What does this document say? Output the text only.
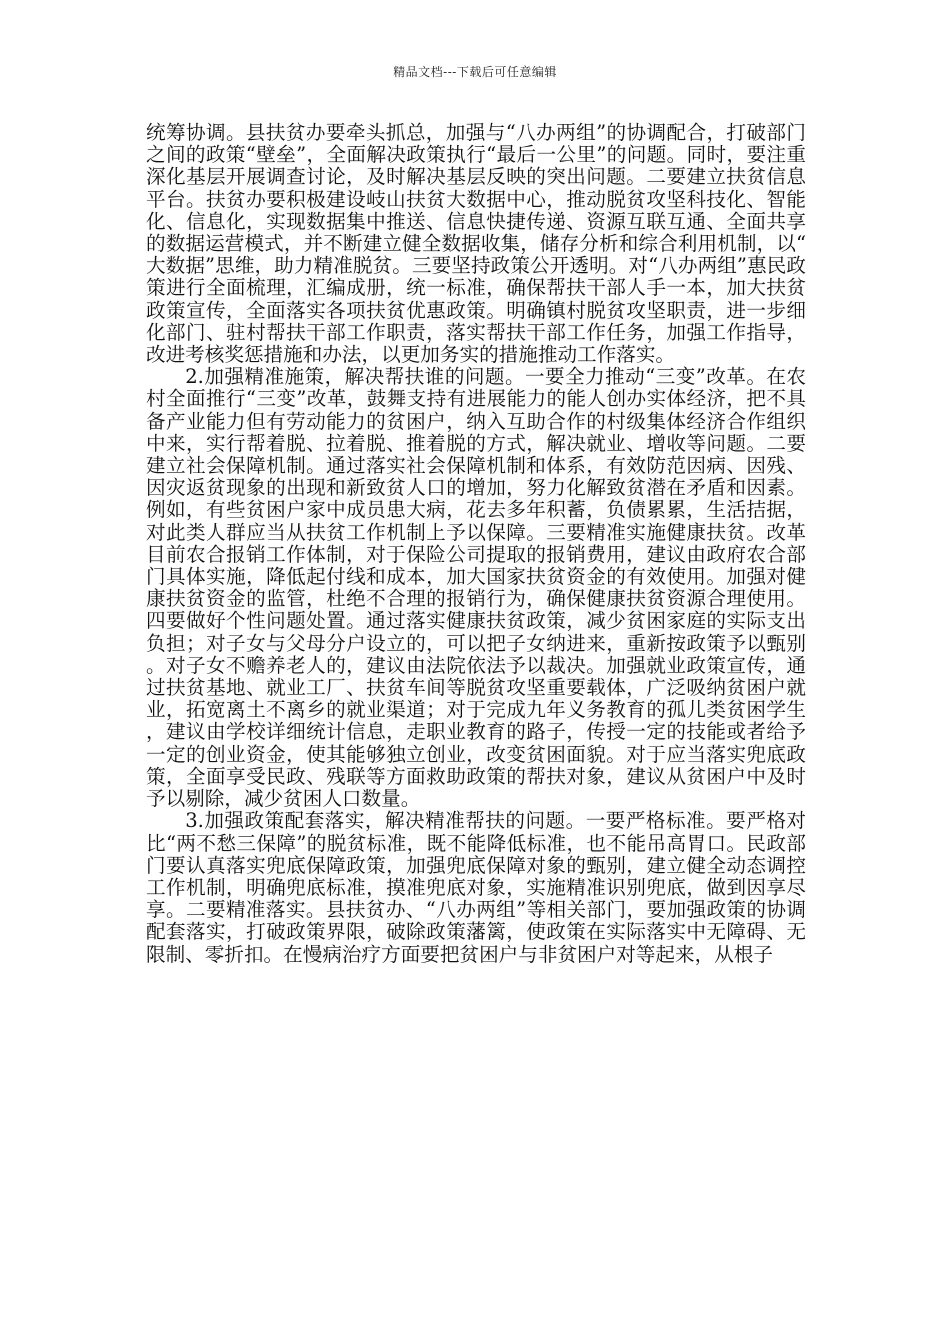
精品文档---下载后可任意编辑

统筹协调。县扶贫办要牵头抓总，加强与“八办两组”的协调配合，打破部门之间的政策“壁垒”，全面解决政策执行“最后一公里”的问题。同时，要注重深化基层开展调查讨论，及时解决基层反映的突出问题。二要建立扶贫信息平台。扶贫办要积极建设岐山扶贫大数据中心，推动脱贫攻坚科技化、智能化、信息化，实现数据集中推送、信息快捷传递、资源互联互通、全面共享的数据运营模式，并不断建立健全数据收集，储存分析和综合利用机制，以“大数据”思维，助力精准脱贫。三要坚持政策公开透明。对“八办两组”惠民政策进行全面梳理，汇编成册，统一标准，确保帮扶干部人手一本，加大扶贫政策宣传，全面落实各项扶贫优惠政策。明确镇村脱贫攻坚职责，进一步细化部门、驻村帮扶干部工作职责，落实帮扶干部工作任务，加强工作指导，改进考核奖惩措施和办法，以更加务实的措施推动工作落实。

2.加强精准施策，解决帮扶谁的问题。一要全力推动“三变”改革。在农村全面推行“三变”改革，鼓舞支持有进展能力的能人创办实体经济，把不具备产业能力但有劳动能力的贫困户，纳入互助合作的村级集体经济合作组织中来，实行帮着脱、拉着脱、推着脱的方式，解决就业、增收等问题。二要建立社会保障机制。通过落实社会保障机制和体系，有效防范因病、因残、因灾返贫现象的出现和新致贫人口的增加，努力化解致贫潜在矛盾和因素。例如，有些贫困户家中成员患大病，花去多年积蓄，负债累累，生活拮据，对此类人群应当从扶贫工作机制上予以保障。三要精准实施健康扶贫。改革目前农合报销工作体制，对于保险公司提取的报销费用，建议由政府农合部门具体实施，降低起付线和成本，加大国家扶贫资金的有效使用。加强对健康扶贫资金的监管，杜绝不合理的报销行为，确保健康扶贫资源合理使用。四要做好个性问题处置。通过落实健康扶贫政策，减少贫困家庭的实际支出负担；对子女与父母分户设立的，可以把子女纳进来，重新按政策予以甄别。对子女不赡养老人的，建议由法院依法予以裁决。加强就业政策宣传，通过扶贫基地、就业工厂、扶贫车间等脱贫攻坚重要载体，广泛吸纳贫困户就业，拓宽离土不离乡的就业渠道；对于完成九年义务教育的孤儿类贫困学生，建议由学校详细统计信息，走职业教育的路子，传授一定的技能或者给予一定的创业资金，使其能够独立创业，改变贫困面貌。对于应当落实兜底政策，全面享受民政、残联等方面救助政策的帮扶对象，建议从贫困户中及时予以剔除，减少贫困人口数量。

3.加强政策配套落实，解决精准帮扶的问题。一要严格标准。要严格对比“两不愁三保障”的脱贫标准，既不能降低标准，也不能吊高胃口。民政部门要认真落实兜底保障政策，加强兜底保障对象的甄别，建立健全动态调控工作机制，明确兜底标准，摸准兜底对象，实施精准识别兜底，做到因享尽享。二要精准落实。县扶贫办、“八办两组”等相关部门，要加强政策的协调配套落实，打破政策界限，破除政策藩篱，使政策在实际落实中无障碍、无限制、零折扣。在慢病治疗方面要把贫困户与非贫困户对等起来，从根子
